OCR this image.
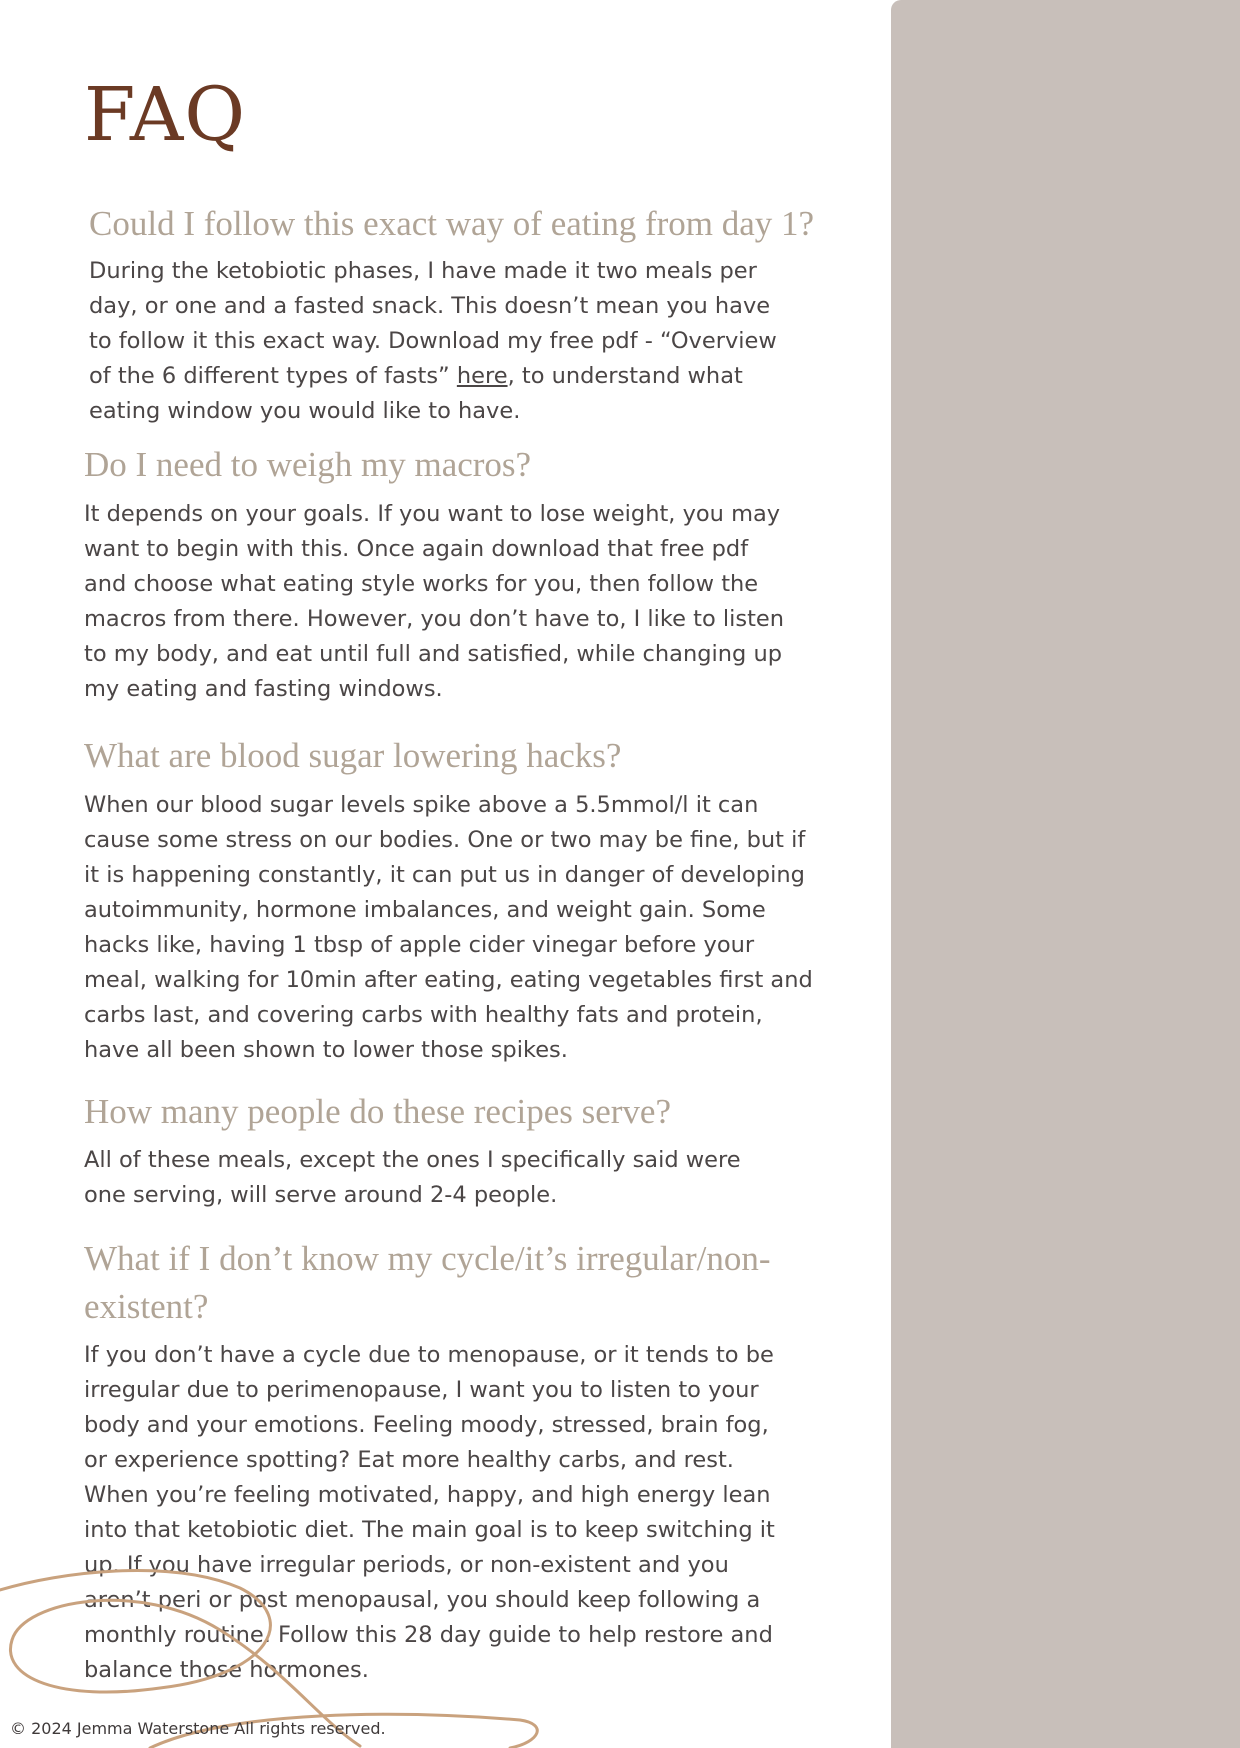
FAQ
Could I follow this exact way of eating from day 1?

During the ketobiotic phases, I have made it two meals per
day, or one and a fasted snack. This doesn’t mean you have
to follow it this exact way. Download my free pdf - “Overview
of the 6 different types of fasts” here, to understand what
eating window you would like to have.

Do I need to weigh my macros?

It depends on your goals. If you want to lose weight, you may
want to begin with this. Once again download that free pdf
and choose what eating style works for you, then follow the
macros from there. However, you don’t have to, I like to listen
to my body, and eat until full and satisfied, while changing up
my eating and fasting windows.

What are blood sugar lowering hacks?

When our blood sugar levels spike above a 5.5mmol/l it can
cause some stress on our bodies. One or two may be fine, but if
it is happening constantly, it can put us in danger of developing
autoimmunity, hormone imbalances, and weight gain. Some
hacks like, having 1 tbsp of apple cider vinegar before your
meal, walking for 10min after eating, eating vegetables first and
carbs last, and covering carbs with healthy fats and protein,
have all been shown to lower those spikes.

How many people do these recipes serve?

All of these meals, except the ones I specifically said were
one serving, will serve around 2-4 people.

What if I don’t know my cycle/it’s irregular/non-
existent?

If you don’t have a cycle due to menopause, or it tends to be
irregular due to perimenopause, I want you to listen to your
body and your emotions. Feeling moody, stressed, brain fog,
or experience spotting? Eat more healthy carbs, and rest.
When you’re feeling motivated, happy, and high energy lean
into that ketobiotic diet. The main goal is to keep switching it
up. If you have irregular periods, or non-existent and you
aren’t peri or post menopausal, you should keep following a
monthly routine. Follow this 28 day guide to help restore and
balance those hormones.

© 2024 Jemma Waterstone All rights reserved.
